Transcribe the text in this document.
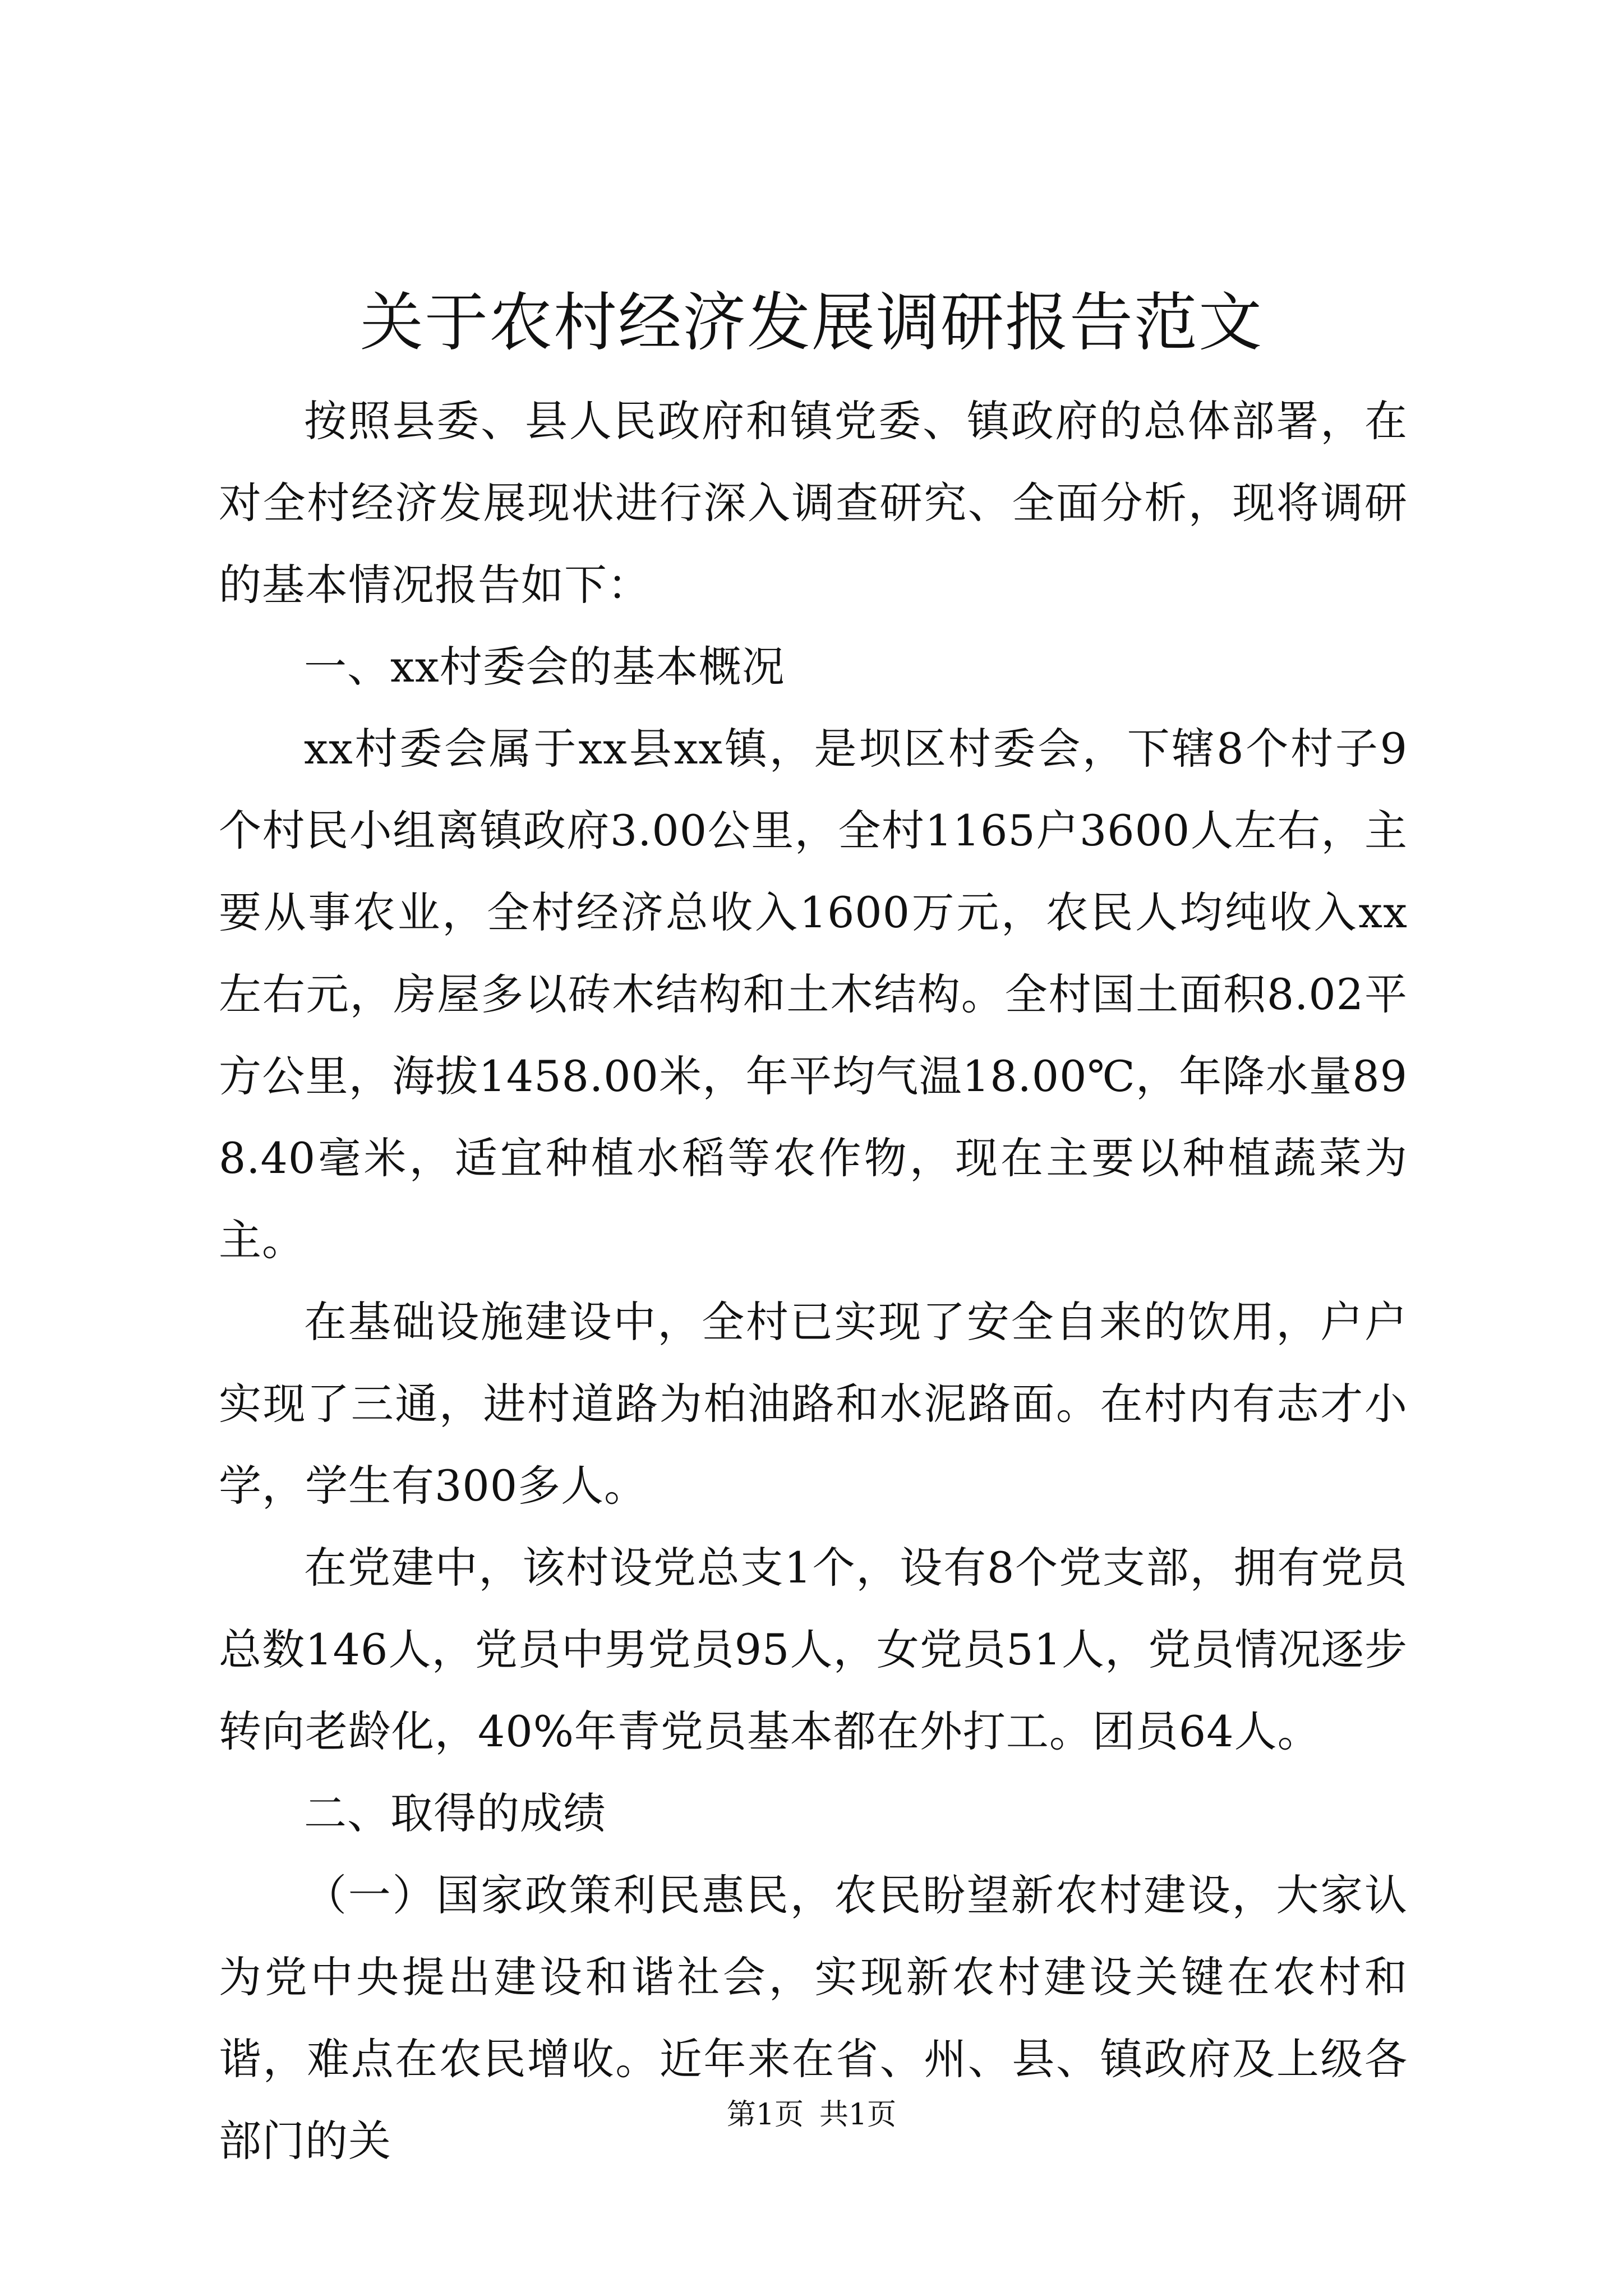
关于农村经济发展调研报告范文

按照县委、县人民政府和镇党委、镇政府的总体部署，在对全村经济发展现状进行深入调查研究、全面分析，现将调研的基本情况报告如下：

一、xx村委会的基本概况

xx村委会属于xx县xx镇，是坝区村委会，下辖8个村子9个村民小组离镇政府3.00公里，全村1165户3600人左右，主要从事农业，全村经济总收入1600万元，农民人均纯收入xx左右元，房屋多以砖木结构和土木结构。全村国土面积8.02平方公里，海拔1458.00米，年平均气温18.00℃，年降水量898.40毫米，适宜种植水稻等农作物，现在主要以种植蔬菜为主。

在基础设施建设中，全村已实现了安全自来的饮用，户户实现了三通，进村道路为柏油路和水泥路面。在村内有志才小学，学生有300多人。

在党建中，该村设党总支1个，设有8个党支部，拥有党员总数146人，党员中男党员95人，女党员51人，党员情况逐步转向老龄化，40%年青党员基本都在外打工。团员64人。

二、取得的成绩

（一）国家政策利民惠民，农民盼望新农村建设，大家认为党中央提出建设和谐社会，实现新农村建设关键在农村和谐，难点在农民增收。近年来在省、州、县、镇政府及上级各部门的关

第1页 共1页
